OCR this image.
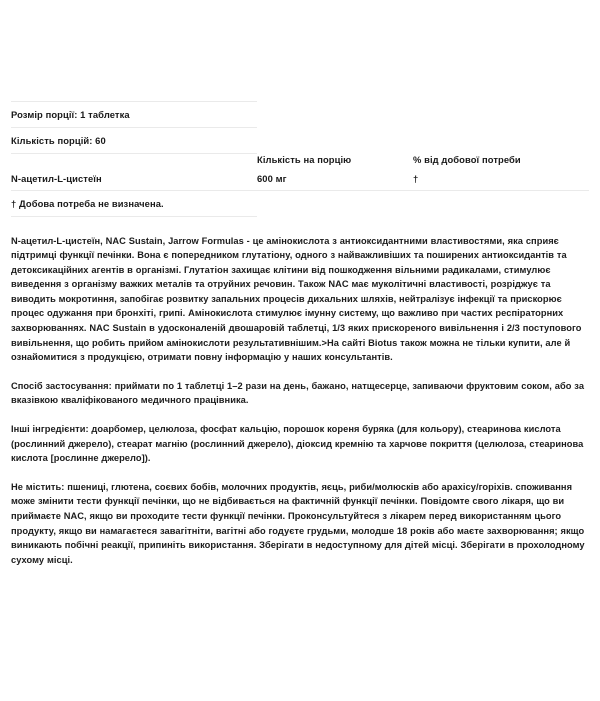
Розмір порції: 1 таблетка		
Кількість порцій: 60		
	Кількість на порцію	% від добової потреби
N-ацетил-L-цистеїн	600 мг	†
† Добова потреба не визначена.		

N-ацетил-L-цистеїн, NAC Sustain, Jarrow Formulas - це амінокислота з антиоксидантними властивостями, яка сприяє підтримці функції печінки. Вона є попередником глутатіону, одного з найважливіших та поширених антиоксидантів та детоксикаційних агентів в організмі. Глутатіон захищає клітини від пошкодження вільними радикалами, стимулює виведення з організму важких металів та отруйних речовин. Також NAC має муколітичні властивості, розріджує та виводить мокротиння, запобігає розвитку запальних процесів дихальних шляхів, нейтралізує інфекції та прискорює процес одужання при бронхіті, грипі. Амінокислота стимулює імунну систему, що важливо при частих респіраторних захворюваннях. NAC Sustain в удосконаленій двошаровій таблетці, 1/3 яких прискореного вивільнення і 2/3 поступового вивільнення, що робить прийом амінокислоти результативнішим.>На сайті Biotus також можна не тільки купити, але й ознайомитися з продукцією, отримати повну інформацію у наших консультантів.

Спосіб застосування: приймати по 1 таблетці 1–2 рази на день, бажано, натщесерце, запиваючи фруктовим соком, або за вказівкою кваліфікованого медичного працівника.

Інші інгредієнти: доарбомер, целюлоза, фосфат кальцію, порошок кореня буряка (для кольору), стеаринова кислота (рослинний джерело), стеарат магнію (рослинний джерело), діоксид кремнію та харчове покриття (целюлоза, стеаринова кислота [рослинне джерело]).

Не містить: пшениці, глютена, соєвих бобів, молочних продуктів, яєць, риби/молюсків або арахісу/горіхів. споживання може змінити тести функції печінки, що не відбивається на фактичній функції печінки. Повідомте свого лікаря, що ви приймаєте NAC, якщо ви проходите тести функції печінки. Проконсультуйтеся з лікарем перед використанням цього продукту, якщо ви намагаєтеся завагітніти, вагітні або годуєте грудьми, молодше 18 років або маєте захворювання; якщо виникають побічні реакції, припиніть використання. Зберігати в недоступному для дітей місці. Зберігати в прохолодному сухому місці.
